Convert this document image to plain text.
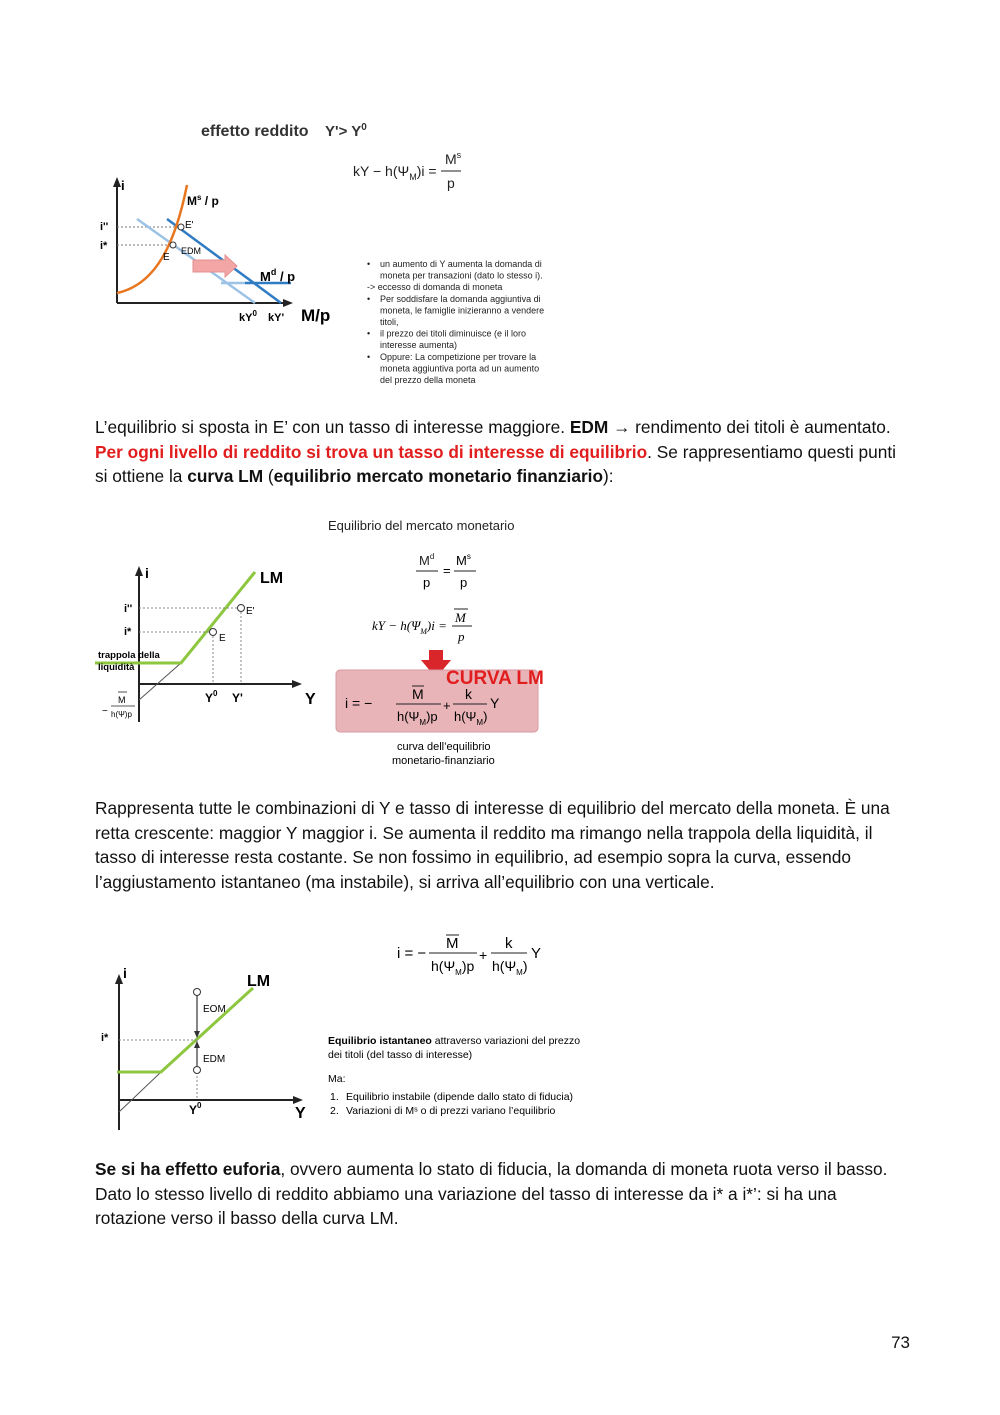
effetto reddito $Y'> Y^0$
kY − $h(\Psi_M)i$ =
$M^s$
p
i
M/p
i''
i*
$M^s$ / p
E'
E
EDM
$M^d$ / p
$kY^0$ kY'
• un aumento di Y aumenta la domanda di
moneta per transazioni (dato lo stesso i).
-> eccesso di domanda di moneta
• Per soddisfare la domanda aggiuntiva di
moneta, le famiglie inizieranno a vendere
titoli,
• il prezzo dei titoli diminuisce (e il loro
interesse aumenta)
• Oppure: La competizione per trovare la
moneta aggiuntiva porta ad un aumento
del prezzo della moneta
L’equilibrio si sposta in E’ con un tasso di interesse maggiore. EDM → rendimento dei titoli è aumentato. Per ogni livello di reddito si trova un tasso di interesse di equilibrio. Se rappresentiamo questi punti si ottiene la curva LM (equilibrio mercato monetario finanziario):
Equilibrio del mercato monetario
$M^d$
p
=
$M^s$
p
kY − $h(\Psi_M)i$ =
M
p
CURVA LM
i = −
M
$h(\Psi_M)p$
+
k
$h(\Psi_M)$
Y
curva dell’equilibrio
monetario-finanziario
i
Y
LM
E'
E
i''
i*
$Y^0$ Y'
trappola della
liquidità
−
M
h(Ψ)p
Rappresenta tutte le combinazioni di Y e tasso di interesse di equilibrio del mercato della moneta. È una retta crescente: maggior Y maggior i. Se aumenta il reddito ma rimango nella trappola della liquidità, il tasso di interesse resta costante. Se non fossimo in equilibrio, ad esempio sopra la curva, essendo l’aggiustamento istantaneo (ma instabile), si arriva all’equilibrio con una verticale.
i = −
M
$h(\Psi_M)p$
+
k
$h(\Psi_M)$
Y
Equilibrio istantaneo attraverso variazioni del prezzo
dei titoli (del tasso di interesse)
Ma:
1. Equilibrio instabile (dipende dallo stato di fiducia)
2. Variazioni di Mˢ o di prezzi variano l’equilibrio
i
Y
LM
i*
$Y^0$
EOM
EDM
Se si ha effetto euforia, ovvero aumenta lo stato di fiducia, la domanda di moneta ruota verso il basso. Dato lo stesso livello di reddito abbiamo una variazione del tasso di interesse da i* a i*’: si ha una rotazione verso il basso della curva LM.
73
